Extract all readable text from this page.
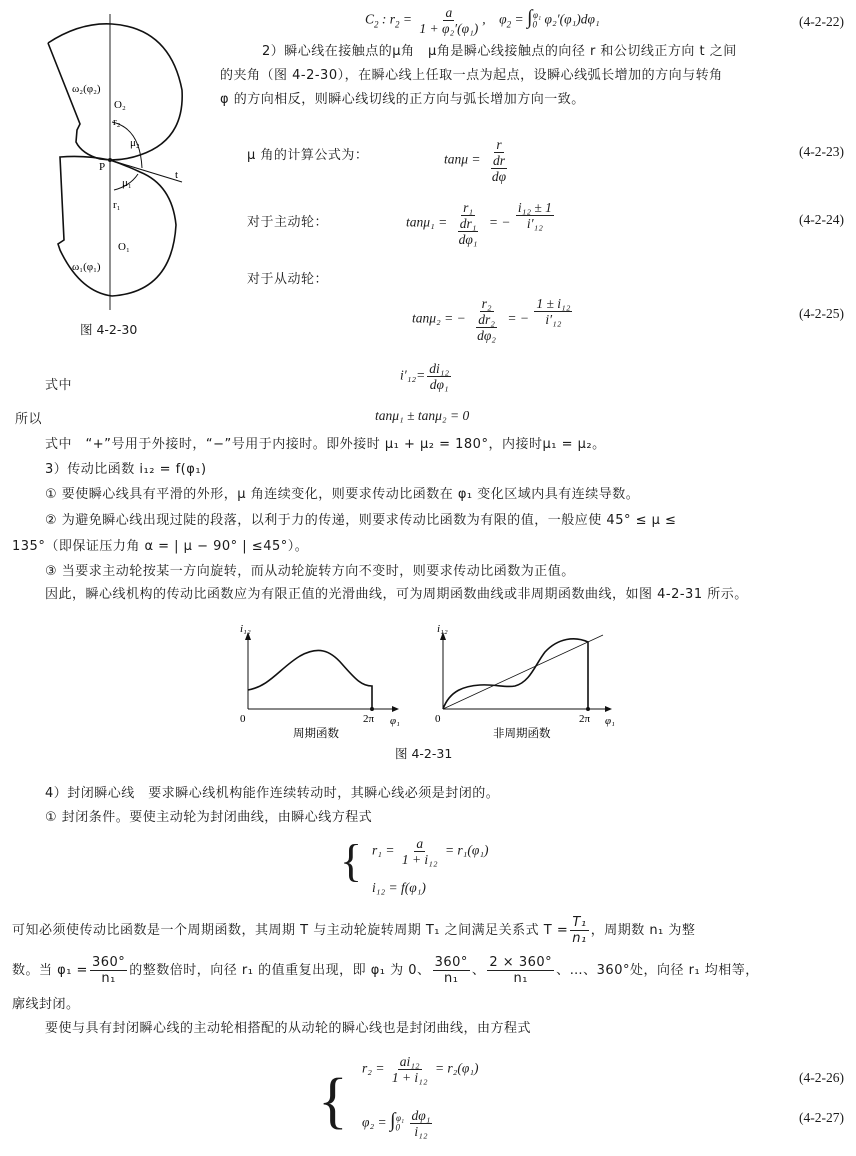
$C_2$ : $r_2 = \frac{a}{\text{1 + φ₂′(φ₁)}}$ , $\varphi_2 = \int_0^{\varphi_1}$ φ₂′(φ₁)dφ₁	(4-2-22)
2）瞬心线在接触点的μ角　μ角是瞬心线接触点的向径 r 和公切线正方向 t 之间
的夹角（图 4-2-30），在瞬心线上任取一点为起点，设瞬心线弧长增加的方向与转角
φ 的方向相反，则瞬心线切线的正方向与弧长增加方向一致。
μ 角的计算公式为：	$\tan\mu = \frac{r}{\frac{dr}{d\varphi}}$	(4-2-23)
对于主动轮：	$\tan\mu_1 = \frac{\text{r₁}}{\frac{\text{dr₁}}{\text{dφ₁}}}$ = − $\frac{\text{i₁₂ ± 1}}{\text{i′₁₂}}$	(4-2-24)
对于从动轮：
tanμ₂ = − $\frac{\text{r₂}}{\frac{\text{dr₂}}{\text{dφ₂}}}$ = − $\frac{\text{1 ± i₁₂}}{\text{i′₁₂}}$	(4-2-25)
ω₂(φ₂)
O₂
r₂
μ₂
P
t
μ₁
r₁
O₁
ω₁(φ₁)
图 4-2-30
式中
$i'_{12}= \frac{\text{di₁₂}}{\text{dφ₁}}$
所以	tanμ₁ ± tanμ₂ = 0
式中　“+”号用于外接时，“−”号用于内接时。即外接时 μ₁ + μ₂ = 180°，内接时μ₁ = μ₂。
3）传动比函数 i₁₂ = f(φ₁)
① 要使瞬心线具有平滑的外形，μ 角连续变化，则要求传动比函数在 φ₁ 变化区域内具有连续导数。
② 为避免瞬心线出现过陡的段落，以利于力的传递，则要求传动比函数为有限的值，一般应使 45° ≤ μ ≤
135°（即保证压力角 α = | μ − 90° | ≤45°）。
③ 当要求主动轮按某一方向旋转，而从动轮旋转方向不变时，则要求传动比函数为正值。
因此，瞬心线机构的传动比函数应为有限正值的光滑曲线，可为周期函数曲线或非周期函数曲线，如图 4-2-31 所示。
i₁₂
0	2π φ₁
周期函数
i₁₂
0	2π φ₁
非周期函数
图 4-2-31
4）封闭瞬心线　要求瞬心线机构能作连续转动时，其瞬心线必须是封闭的。
① 封闭条件。要使主动轮为封闭曲线，由瞬心线方程式
{ $r_1 = \frac{a}{\text{1 + i₁₂}} = r_1(\varphi_1)$
i₁₂ = f(φ₁)
可知必须使传动比函数是一个周期函数，其周期 T 与主动轮旋转周期 T₁ 之间满足关系式 $T = \frac{\text{T₁}}{\text{n₁}}$ ，周期数 n₁ 为整
数。当 $\varphi_1 = \frac{360^\circ}{\text{n₁}}$ 的整数倍时，向径 r₁ 的值重复出现，即 φ₁ 为 0、 $\frac{360^\circ}{\text{n₁}}$ 、 $\frac{2 \times 360^\circ}{\text{n₁}}$ 、…、360°处，向径 r₁ 均相等，
廓线封闭。
要使与具有封闭瞬心线的主动轮相搭配的从动轮的瞬心线也是封闭曲线，由方程式
{ $r_2 = \frac{\text{ai₁₂}}{\text{1 + i₁₂}} = r_2(\varphi_1)$
(4-2-26)
$\varphi_2 = \int_0^{\varphi_1} \frac{\text{dφ₁}}{\text{i₁₂}}$	(4-2-27)
